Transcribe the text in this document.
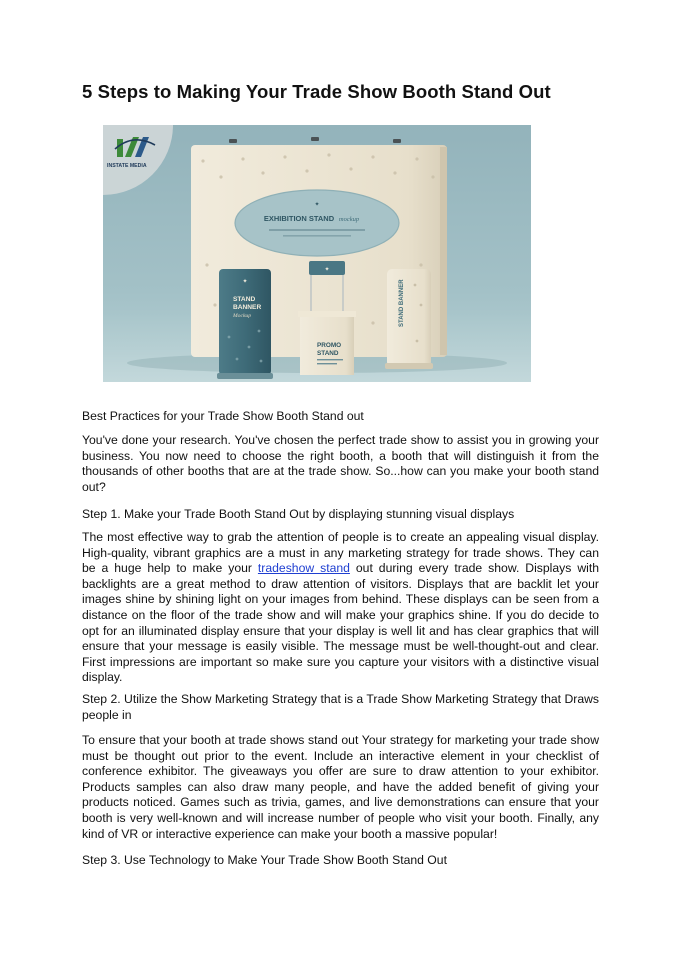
5 Steps to Making Your Trade Show Booth Stand Out
✦
EXHIBITION STAND mockup
✦
PROMO
STAND
✦
STAND
BANNER
Mockup	STAND BANNER
INSTATE MEDIA

Best Practices for your Trade Show Booth Stand out

You've done your research. You've chosen the perfect trade show to assist you in growing your business. You now need to choose the right booth, a booth that will distinguish it from the thousands of other booths that are at the trade show. So...how can you make your booth stand out?

Step 1. Make your Trade Booth Stand Out by displaying stunning visual displays

The most effective way to grab the attention of people is to create an appealing visual display. High-quality, vibrant graphics are a must in any marketing strategy for trade shows. They can be a huge help to make your tradeshow stand out during every trade show. Displays with backlights are a great method to draw attention of visitors. Displays that are backlit let your images shine by shining light on your images from behind. These displays can be seen from a distance on the floor of the trade show and will make your graphics shine. If you do decide to opt for an illuminated display ensure that your display is well lit and has clear graphics that will ensure that your message is easily visible. The message must be well-thought-out and clear. First impressions are important so make sure you capture your visitors with a distinctive visual display.

Step 2. Utilize the Show Marketing Strategy that is a Trade Show Marketing Strategy that Draws people in

To ensure that your booth at trade shows stand out Your strategy for marketing your trade show must be thought out prior to the event. Include an interactive element in your checklist of conference exhibitor. The giveaways you offer are sure to draw attention to your exhibitor. Products samples can also draw many people, and have the added benefit of giving your products noticed. Games such as trivia, games, and live demonstrations can ensure that your booth is very well-known and will increase number of people who visit your booth. Finally, any kind of VR or interactive experience can make your booth a massive popular!

Step 3. Use Technology to Make Your Trade Show Booth Stand Out
